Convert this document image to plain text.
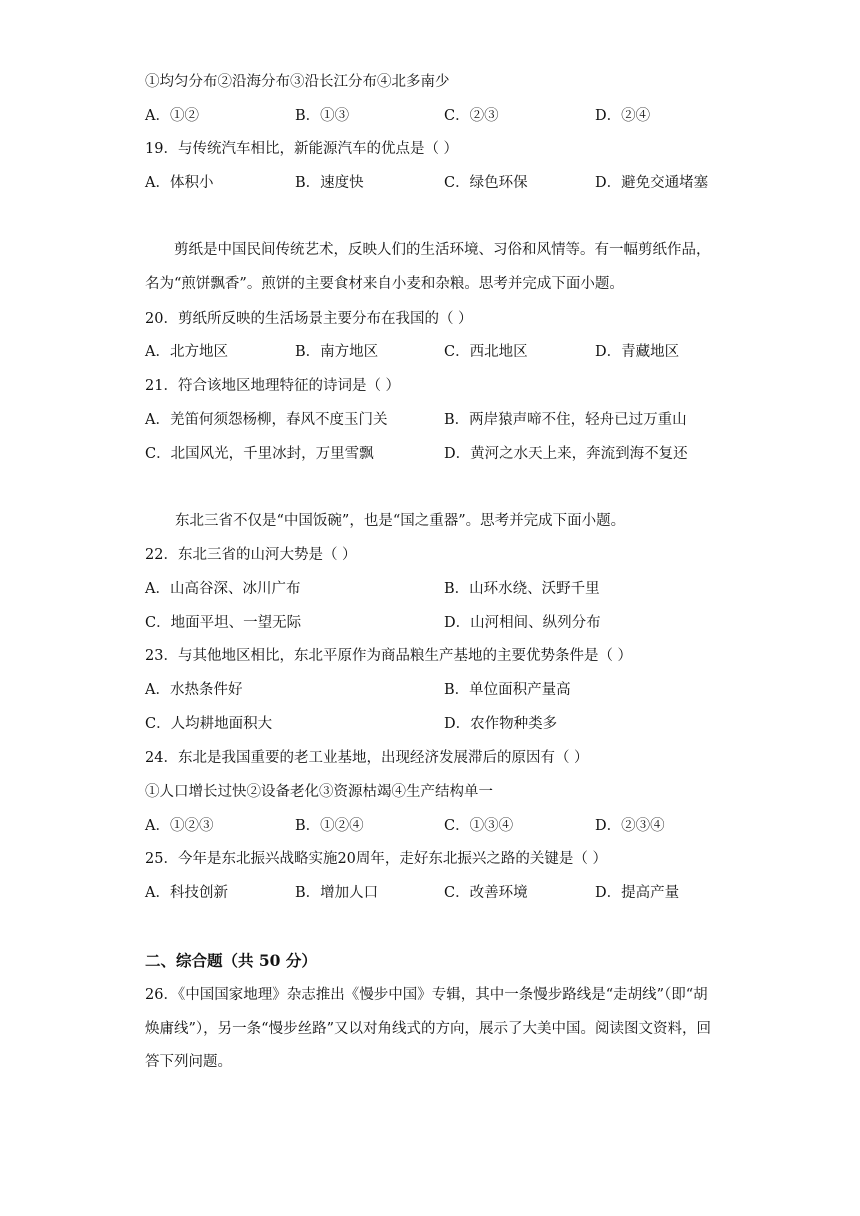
①均匀分布②沿海分布③沿长江分布④北多南少
A．①②	B．①③	C．②③	D．②④
19．与传统汽车相比，新能源汽车的优点是（ ）
A．体积小	B．速度快	C．绿色环保	D．避免交通堵塞
剪纸是中国民间传统艺术，反映人们的生活环境、习俗和风情等。有一幅剪纸作品，名为“煎饼飘香”。煎饼的主要食材来自小麦和杂粮。思考并完成下面小题。
20．剪纸所反映的生活场景主要分布在我国的（ ）
A．北方地区	B．南方地区	C．西北地区	D．青藏地区
21．符合该地区地理特征的诗词是（ ）
A．羌笛何须怨杨柳，春风不度玉门关	B．两岸猿声啼不住，轻舟已过万重山
C．北国风光，千里冰封，万里雪飘	D．黄河之水天上来，奔流到海不复还
东北三省不仅是“中国饭碗”，也是“国之重器”。思考并完成下面小题。
22．东北三省的山河大势是（ ）
A．山高谷深、冰川广布	B．山环水绕、沃野千里
C．地面平坦、一望无际	D．山河相间、纵列分布
23．与其他地区相比，东北平原作为商品粮生产基地的主要优势条件是（ ）
A．水热条件好	B．单位面积产量高
C．人均耕地面积大	D．农作物种类多
24．东北是我国重要的老工业基地，出现经济发展滞后的原因有（ ）
①人口增长过快②设备老化③资源枯竭④生产结构单一
A．①②③	B．①②④	C．①③④	D．②③④
25．今年是东北振兴战略实施20周年，走好东北振兴之路的关键是（ ）
A．科技创新	B．增加人口	C．改善环境	D．提高产量
二、综合题（共 50 分）
26．《中国国家地理》杂志推出《慢步中国》专辑，其中一条慢步路线是“走胡线”（即“胡焕庸线”），另一条“慢步丝路”又以对角线式的方向，展示了大美中国。阅读图文资料，回答下列问题。
